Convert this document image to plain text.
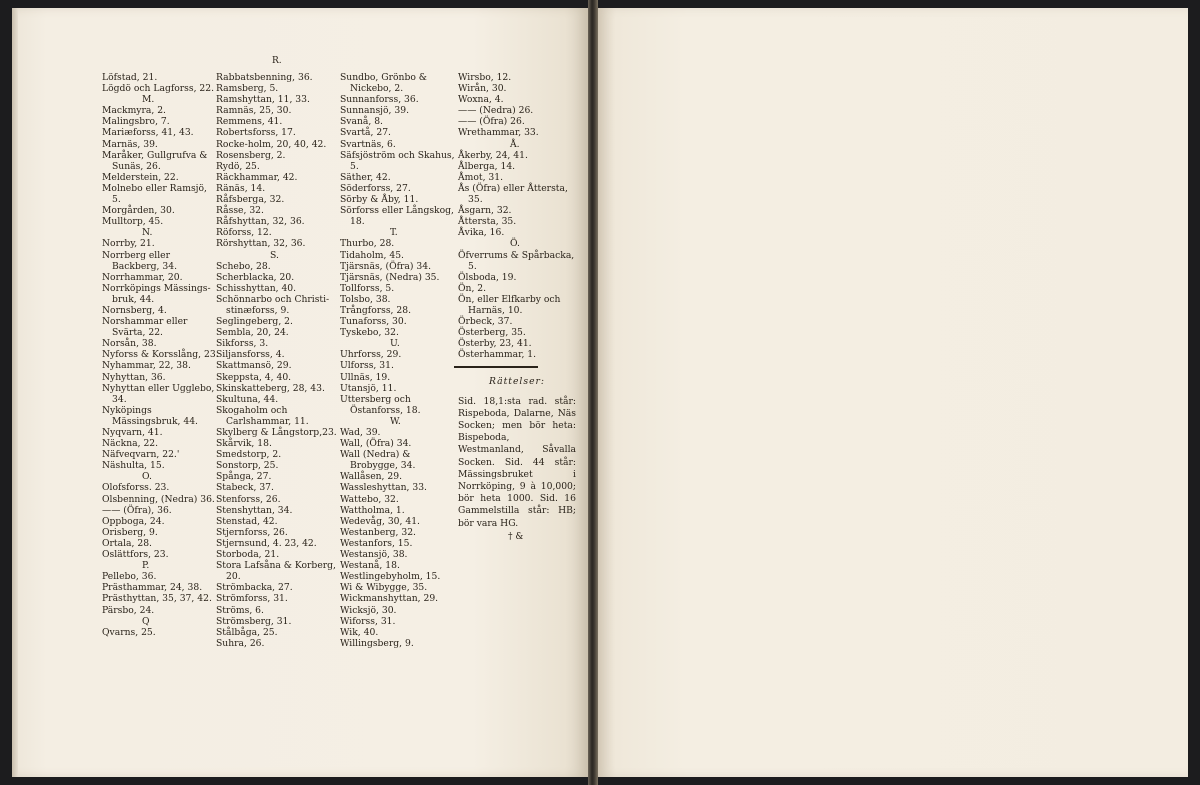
R.
Löfstad, 21.
Lögdö och Lagforss, 22.
M.
Mackmyra, 2.
Malingsbro, 7.
Mariæforss, 41, 43.
Marnäs, 39.
Maråker, Gullgrufva & Sunäs, 26.
Melderstein, 22.
Molnebo eller Ramsjö, 5.
Morgården, 30.
Mulltorp, 45.
N.
Norrby, 21.
Norrberg eller Backberg, 34.
Norrhammar, 20.
Norrköpings Mässings-bruk, 44.
Nornsberg, 4.
Norshammar eller Svärta, 22.
Norsån, 38.
Nyforss & Korsslång, 23.
Nyhammar, 22, 38.
Nyhyttan, 36.
Nyhyttan eller Ugglebo, 34.
Nyköpings Mässingsbruk, 44.
Nyqvarn, 41.
Näckna, 22.
Näfveqvarn, 22.'
Näshulta, 15.
O.
Olofsforss. 23.
Olsbenning, (Nedra) 36.
—— (Öfra), 36.
Oppboga, 24.
Orisberg, 9.
Ortala, 28.
Oslättfors, 23.
P.
Pellebo, 36.
Prästhammar, 24, 38.
Prästhyttan, 35, 37, 42.
Pärsbo, 24.
Q
Qvarns, 25.
Rabbatsbenning, 36.
Ramsberg, 5.
Ramshyttan, 11, 33.
Ramnäs, 25, 30.
Remmens, 41.
Robertsforss, 17.
Rocke-holm, 20, 40, 42.
Rosensberg, 2.
Rydö, 25.
Räckhammar, 42.
Ränäs, 14.
Råfsberga, 32.
Råsse, 32.
Råfshyttan, 32, 36.
Röforss, 12.
Rörshyttan, 32, 36.
S.
Schebo, 28.
Scherblacka, 20.
Schisshyttan, 40.
Schönnarbo och Christi-stinæforss, 9.
Seglingeberg, 2.
Sembla, 20, 24.
Sikforss, 3.
Siljansforss, 4.
Skattmansö, 29.
Skeppsta, 4, 40.
Skinskatteberg, 28, 43.
Skultuna, 44.
Skogaholm och Carlshammar, 11.
Skylberg & Långstorp,23.
Skårvik, 18.
Smedstorp, 2.
Sonstorp, 25.
Spånga, 27.
Stabeck, 37.
Stenforss, 26.
Stenshyttan, 34.
Stenstad, 42.
Stjernforss, 26.
Stjernsund, 4. 23, 42.
Storboda, 21.
Stora Lafsåna & Korberg, 20.
Strömbacka, 27.
Strömforss, 31.
Ströms, 6.
Strömsberg, 31.
Stålbåga, 25.
Suhra, 26.
Sundbo, Grönbo & Nickebo, 2.
Sunnanforss, 36.
Sunnansjö, 39.
Svanå, 8.
Svartå, 27.
Svartnäs, 6.
Säfsjöström och Skahus, 5.
Säther, 42.
Söderforss, 27.
Sörby & Åby, 11.
Sörforss eller Långskog, 18.
T.
Thurbo, 28.
Tidaholm, 45.
Tjärsnäs, (Öfra) 34.
Tjärsnäs, (Nedra) 35.
Tollforss, 5.
Tolsbo, 38.
Trångforss, 28.
Tunaforss, 30.
Tyskebo, 32.
U.
Uhrforss, 29.
Ulforss, 31.
Ullnäs, 19.
Utansjö, 11.
Uttersberg och Östanforss, 18.
W.
Wad, 39.
Wall, (Öfra) 34.
Wall (Nedra) & Brobygge, 34.
Wallåsen, 29.
Wassleshyttan, 33.
Wattebo, 32.
Wattholma, 1.
Wedevåg, 30, 41.
Westanberg, 32.
Westanfors, 15.
Westansjö, 38.
Westanå, 18.
Westlingebyholm, 15.
Wi & Wibygge, 35.
Wickmanshyttan, 29.
Wicksjö, 30.
Wiforss, 31.
Wik, 40.
Willingsberg, 9.
Wirsbo, 12.
Wirån, 30.
Woxna, 4.
—— (Nedra) 26.
—— (Öfra) 26.
Wrethammar, 33.
Å.
Åkerby, 24, 41.
Ålberga, 14.
Åmot, 31.
Ås (Öfra) eller Åttersta, 35.
Åsgarn, 32.
Åttersta, 35.
Åvika, 16.
Ö.
Öfverrums & Spårbacka, 5.
Ölsboda, 19.
Ön, 2.
Ön, eller Elfkarby och Harnäs, 10.
Örbeck, 37.
Österberg, 35.
Österby, 23, 41.
Österhammar, 1.
Rättelser:
Sid. 18,1:sta rad. står: Rispeboda, Dalarne, Näs Socken; men bör heta: Bispeboda, Westmanland, Såvalla Socken. Sid. 44 står: Mässingsbruket i Norrköping, 9 à 10,000; bör heta 1000. Sid. 16 Gammelstilla står: HB; bör vara HG.
† &
